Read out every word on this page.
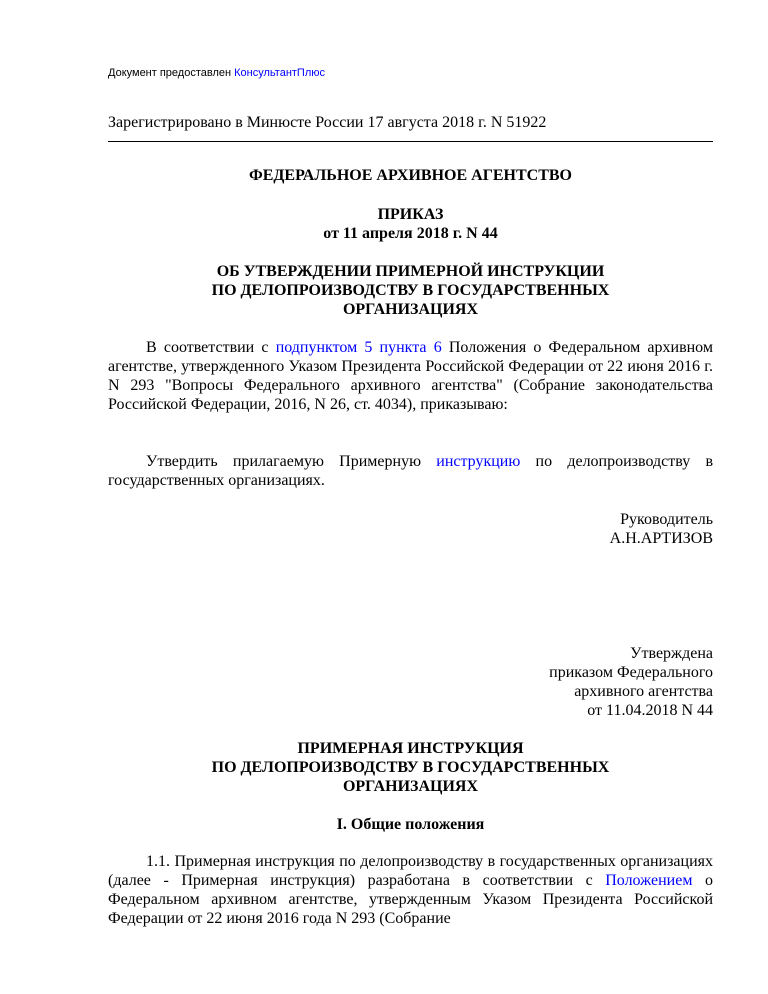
Документ предоставлен КонсультантПлюс
Зарегистрировано в Минюсте России 17 августа 2018 г. N 51922
ФЕДЕРАЛЬНОЕ АРХИВНОЕ АГЕНТСТВО
ПРИКАЗ
от 11 апреля 2018 г. N 44
ОБ УТВЕРЖДЕНИИ ПРИМЕРНОЙ ИНСТРУКЦИИ
ПО ДЕЛОПРОИЗВОДСТВУ В ГОСУДАРСТВЕННЫХ
ОРГАНИЗАЦИЯХ

В соответствии с подпунктом 5 пункта 6 Положения о Федеральном архивном агентстве, утвержденного Указом Президента Российской Федерации от 22 июня 2016 г. N 293 "Вопросы Федерального архивного агентства" (Собрание законодательства Российской Федерации, 2016, N 26, ст. 4034), приказываю:

Утвердить прилагаемую Примерную инструкцию по делопроизводству в государственных организациях.

Руководитель
А.Н.АРТИЗОВ
Утверждена
приказом Федерального
архивного агентства
от 11.04.2018 N 44
ПРИМЕРНАЯ ИНСТРУКЦИЯ
ПО ДЕЛОПРОИЗВОДСТВУ В ГОСУДАРСТВЕННЫХ
ОРГАНИЗАЦИЯХ
I. Общие положения

1.1. Примерная инструкция по делопроизводству в государственных организациях (далее - Примерная инструкция) разработана в соответствии с Положением о Федеральном архивном агентстве, утвержденным Указом Президента Российской Федерации от 22 июня 2016 года N 293 (Собрание
